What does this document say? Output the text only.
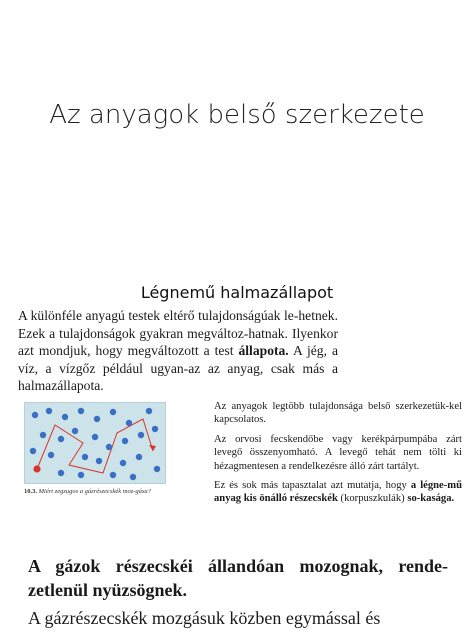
Az anyagok belső szerkezete
Légnemű halmazállapot
A különféle anyagú testek eltérő tulajdonságúak le-hetnek. Ezek a tulajdonságok gyakran megváltoz-hatnak. Ilyenkor azt mondjuk, hogy megváltozott a test állapota. A jég, a víz, a vízgőz például ugyan-az az anyag, csak más a halmazállapota.
10.3. Miért zegzugos a gázrészecskék moz-gása?

Az anyagok legtöbb tulajdonsága belső szerkezetük-kel kapcsolatos.

Az orvosi fecskendőbe vagy kerékpárpumpába zárt levegő összenyomható. A levegő tehát nem tölti ki hézagmentesen a rendelkezésre álló zárt tartályt.

Ez és sok más tapasztalat azt mutatja, hogy a légne-mű anyag kis önálló részecskék (korpuszkulák) so-kasága.

A gázok részecskéi állandóan mozognak, rende-zetlenül nyüzsögnek.
A gázrészecskék mozgásuk közben egymással és
